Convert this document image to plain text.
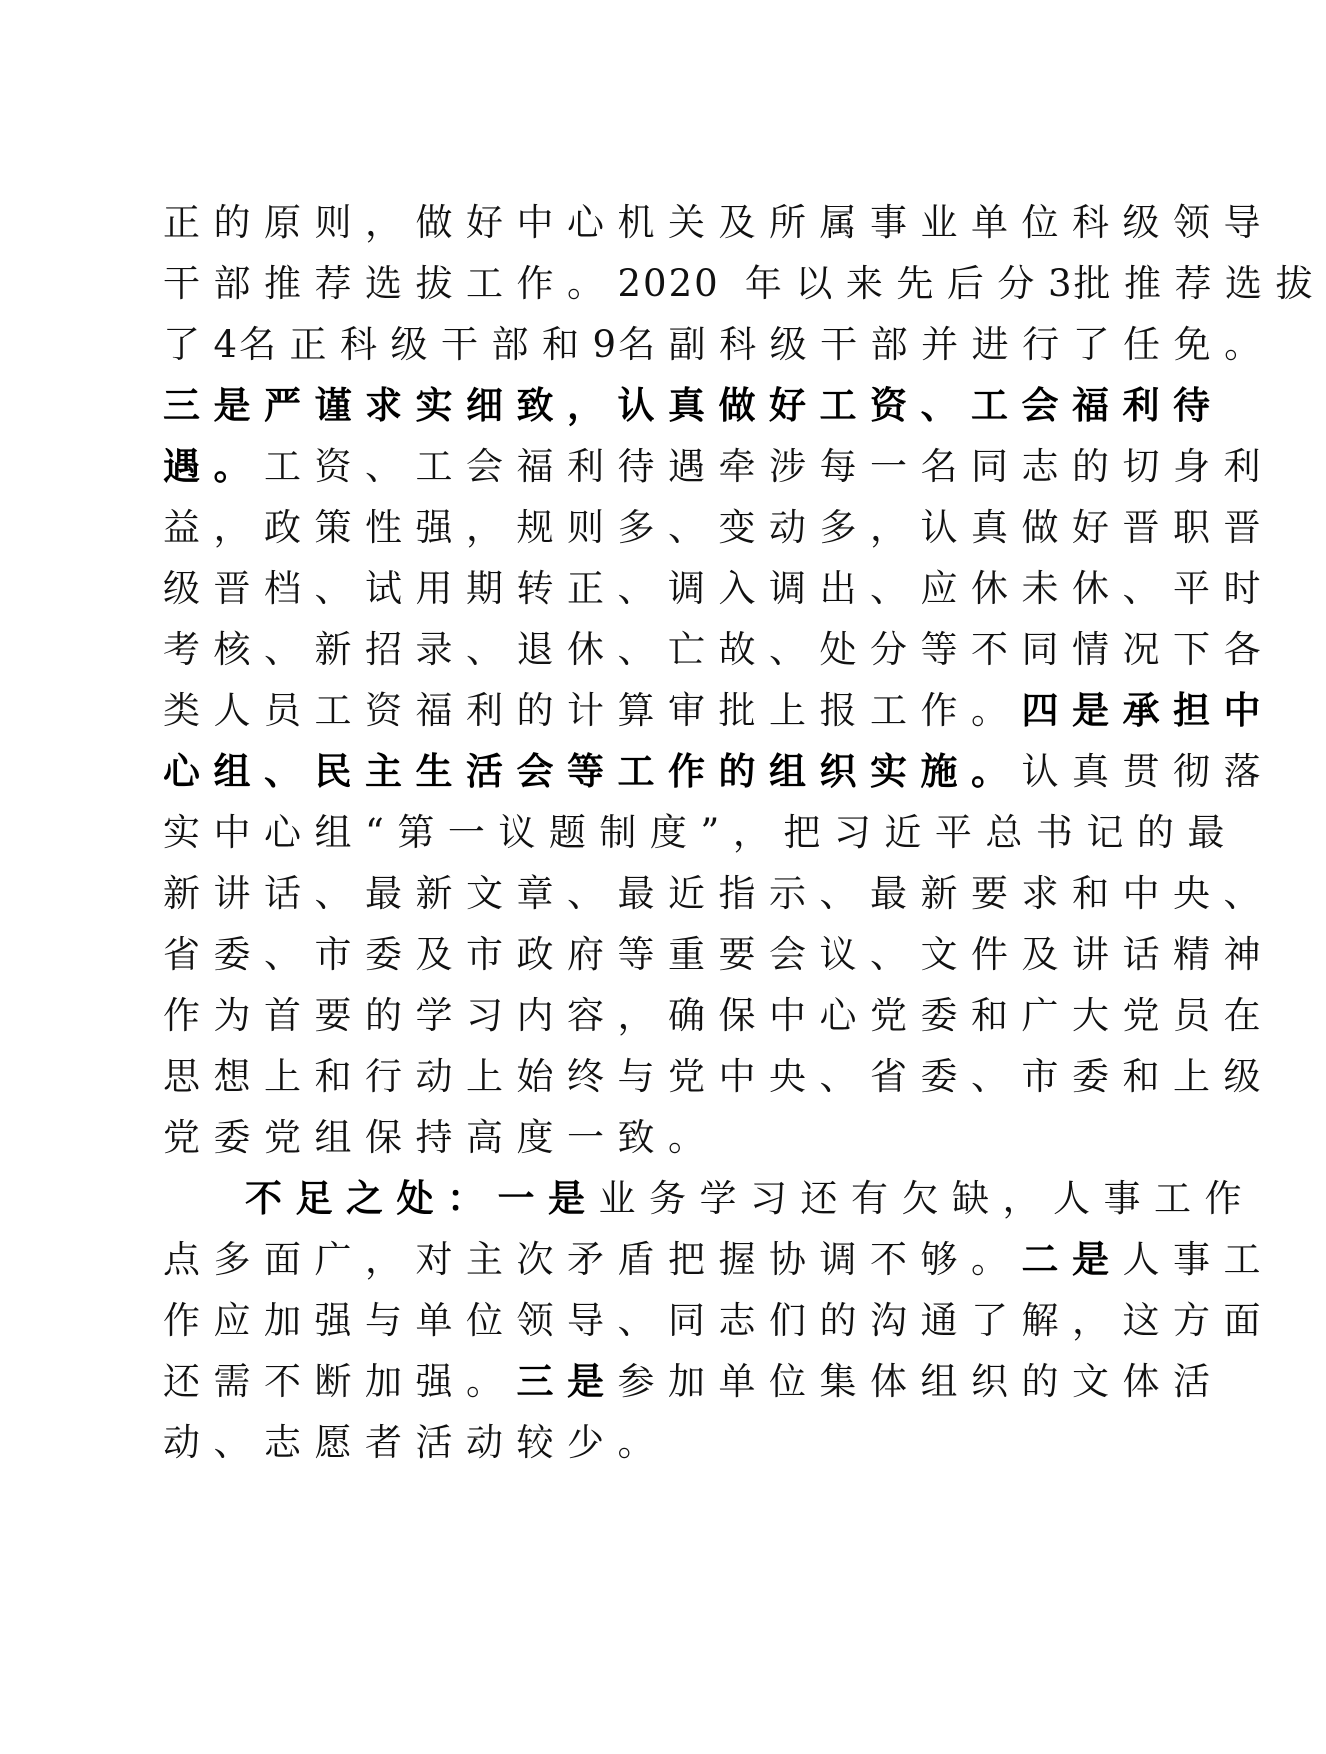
正的原则，做好中心机关及所属事业单位科级领导
干部推荐选拔工作。2020 年以来先后分3批推荐选拔
了4名正科级干部和9名副科级干部并进行了任免。
三是严谨求实细致，认真做好工资、工会福利待
遇。工资、工会福利待遇牵涉每一名同志的切身利
益，政策性强，规则多、变动多，认真做好晋职晋
级晋档、试用期转正、调入调出、应休未休、平时
考核、新招录、退休、亡故、处分等不同情况下各
类人员工资福利的计算审批上报工作。四是承担中
心组、民主生活会等工作的组织实施。认真贯彻落
实中心组“第一议题制度”，把习近平总书记的最
新讲话、最新文章、最近指示、最新要求和中央、
省委、市委及市政府等重要会议、文件及讲话精神
作为首要的学习内容，确保中心党委和广大党员在
思想上和行动上始终与党中央、省委、市委和上级
党委党组保持高度一致。
不足之处：一是业务学习还有欠缺，人事工作
点多面广，对主次矛盾把握协调不够。二是人事工
作应加强与单位领导、同志们的沟通了解，这方面
还需不断加强。三是参加单位集体组织的文体活
动、志愿者活动较少。
